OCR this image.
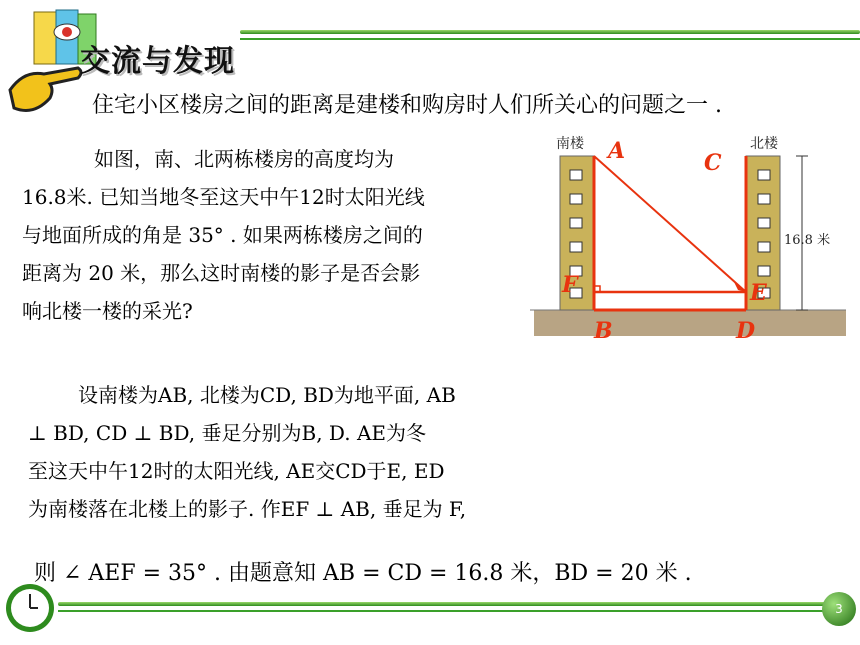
交流与发现
住宅小区楼房之间的距离是建楼和购房时人们所关心的问题之一 .
如图，南、北两栋楼房的高度均为
16.8米. 已知当地冬至这天中午12时太阳光线
与地面所成的角是 35° . 如果两栋楼房之间的
距离为 20 米，那么这时南楼的影子是否会影
响北楼一楼的采光?
16.8 米
南楼	北楼
A	C
F	E
B	D
设南楼为AB, 北楼为CD, BD为地平面, AB
⊥ BD, CD ⊥ BD, 垂足分别为B, D. AE为冬
至这天中午12时的太阳光线, AE交CD于E, ED
为南楼落在北楼上的影子. 作EF ⊥ AB, 垂足为 F,
则 ∠ AEF = 35° . 由题意知 AB = CD = 16.8 米，BD = 20 米 .
3
